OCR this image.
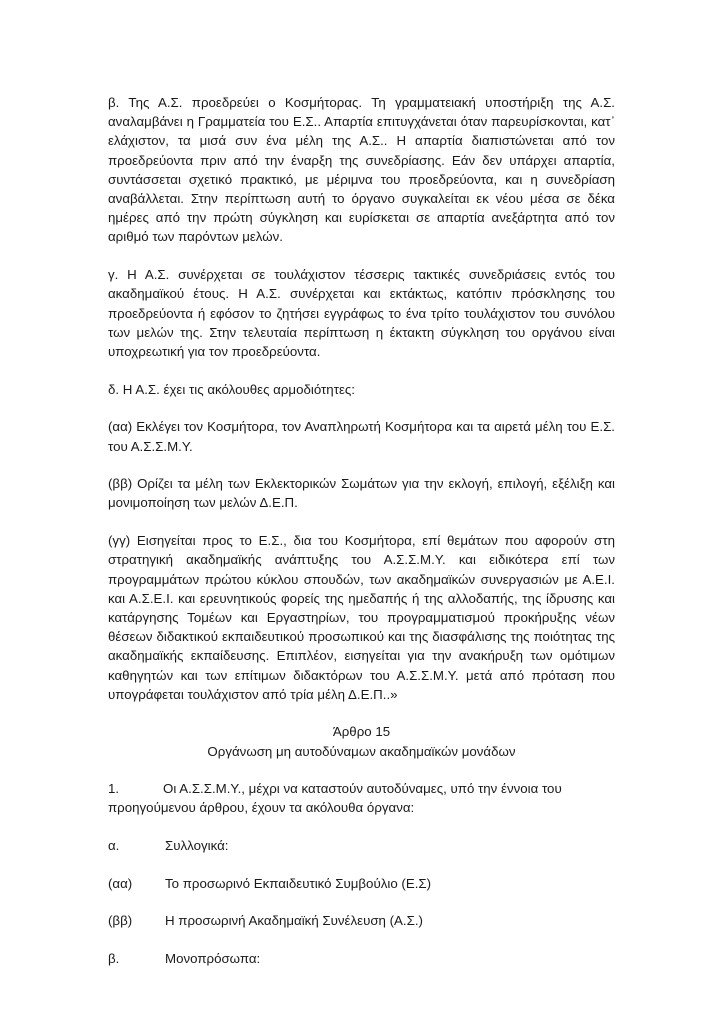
β. Της Α.Σ. προεδρεύει ο Κοσμήτορας. Τη γραμματειακή υποστήριξη της Α.Σ. αναλαμβάνει η Γραμματεία του Ε.Σ.. Απαρτία επιτυγχάνεται όταν παρευρίσκονται, κατ᾽ ελάχιστον, τα μισά συν ένα μέλη της Α.Σ.. Η απαρτία διαπιστώνεται από τον προεδρεύοντα πριν από την έναρξη της συνεδρίασης. Εάν δεν υπάρχει απαρτία, συντάσσεται σχετικό πρακτικό, με μέριμνα του προεδρεύοντα, και η συνεδρίαση αναβάλλεται. Στην περίπτωση αυτή το όργανο συγκαλείται εκ νέου μέσα σε δέκα ημέρες από την πρώτη σύγκληση και ευρίσκεται σε απαρτία ανεξάρτητα από τον αριθμό των παρόντων μελών.

γ. Η Α.Σ. συνέρχεται σε τουλάχιστον τέσσερις τακτικές συνεδριάσεις εντός του ακαδημαϊκού έτους. Η Α.Σ. συνέρχεται και εκτάκτως, κατόπιν πρόσκλησης του προεδρεύοντα ή εφόσον το ζητήσει εγγράφως το ένα τρίτο τουλάχιστον του συνόλου των μελών της. Στην τελευταία περίπτωση η έκτακτη σύγκληση του οργάνου είναι υποχρεωτική για τον προεδρεύοντα.

δ. Η Α.Σ. έχει τις ακόλουθες αρμοδιότητες:

(αα) Εκλέγει τον Κοσμήτορα, τον Αναπληρωτή Κοσμήτορα και τα αιρετά μέλη του Ε.Σ. του Α.Σ.Σ.Μ.Υ.

(ββ) Ορίζει τα μέλη των Εκλεκτορικών Σωμάτων για την εκλογή, επιλογή, εξέλιξη και μονιμοποίηση των μελών Δ.Ε.Π.

(γγ) Εισηγείται προς το Ε.Σ., δια του Κοσμήτορα, επί θεμάτων που αφορούν στη στρατηγική ακαδημαϊκής ανάπτυξης του Α.Σ.Σ.Μ.Υ. και ειδικότερα επί των προγραμμάτων πρώτου κύκλου σπουδών, των ακαδημαϊκών συνεργασιών με Α.Ε.Ι. και Α.Σ.Ε.Ι. και ερευνητικούς φορείς της ημεδαπής ή της αλλοδαπής, της ίδρυσης και κατάργησης Τομέων και Εργαστηρίων, του προγραμματισμού προκήρυξης νέων θέσεων διδακτικού εκπαιδευτικού προσωπικού και της διασφάλισης της ποιότητας της ακαδημαϊκής εκπαίδευσης. Επιπλέον, εισηγείται για την ανακήρυξη των ομότιμων καθηγητών και των επίτιμων διδακτόρων του Α.Σ.Σ.Μ.Υ. μετά από πρόταση που υπογράφεται τουλάχιστον από τρία μέλη Δ.Ε.Π..»

Άρθρο 15

Οργάνωση μη αυτοδύναμων ακαδημαϊκών μονάδων

1.	Οι Α.Σ.Σ.Μ.Υ., μέχρι να καταστούν αυτοδύναμες, υπό την έννοια του προηγούμενου άρθρου, έχουν τα ακόλουθα όργανα:
α.	Συλλογικά:
(αα)	Το προσωρινό Εκπαιδευτικό Συμβούλιο (Ε.Σ)
(ββ)	Η προσωρινή Ακαδημαϊκή Συνέλευση (Α.Σ.)
β.	Μονοπρόσωπα:
